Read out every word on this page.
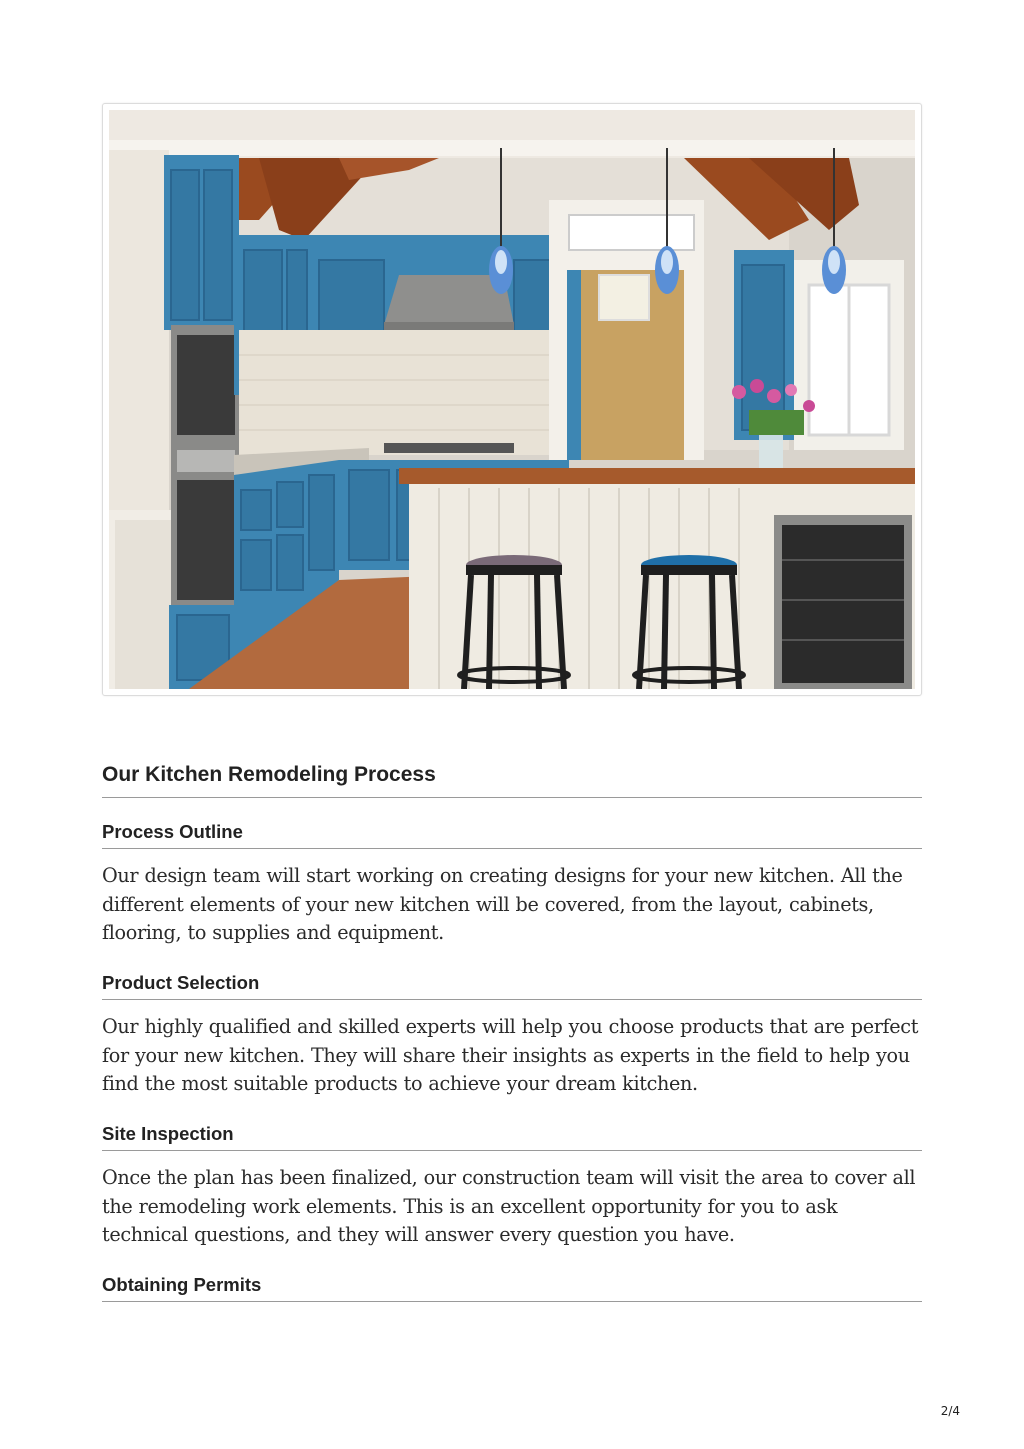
Our Kitchen Remodeling Process
Process Outline

Our design team will start working on creating designs for your new kitchen. All the different elements of your new kitchen will be covered, from the layout, cabinets, flooring, to supplies and equipment.

Product Selection

Our highly qualified and skilled experts will help you choose products that are perfect for your new kitchen. They will share their insights as experts in the field to help you find the most suitable products to achieve your dream kitchen.

Site Inspection

Once the plan has been finalized, our construction team will visit the area to cover all the remodeling work elements. This is an excellent opportunity for you to ask technical questions, and they will answer every question you have.

Obtaining Permits
2/4
